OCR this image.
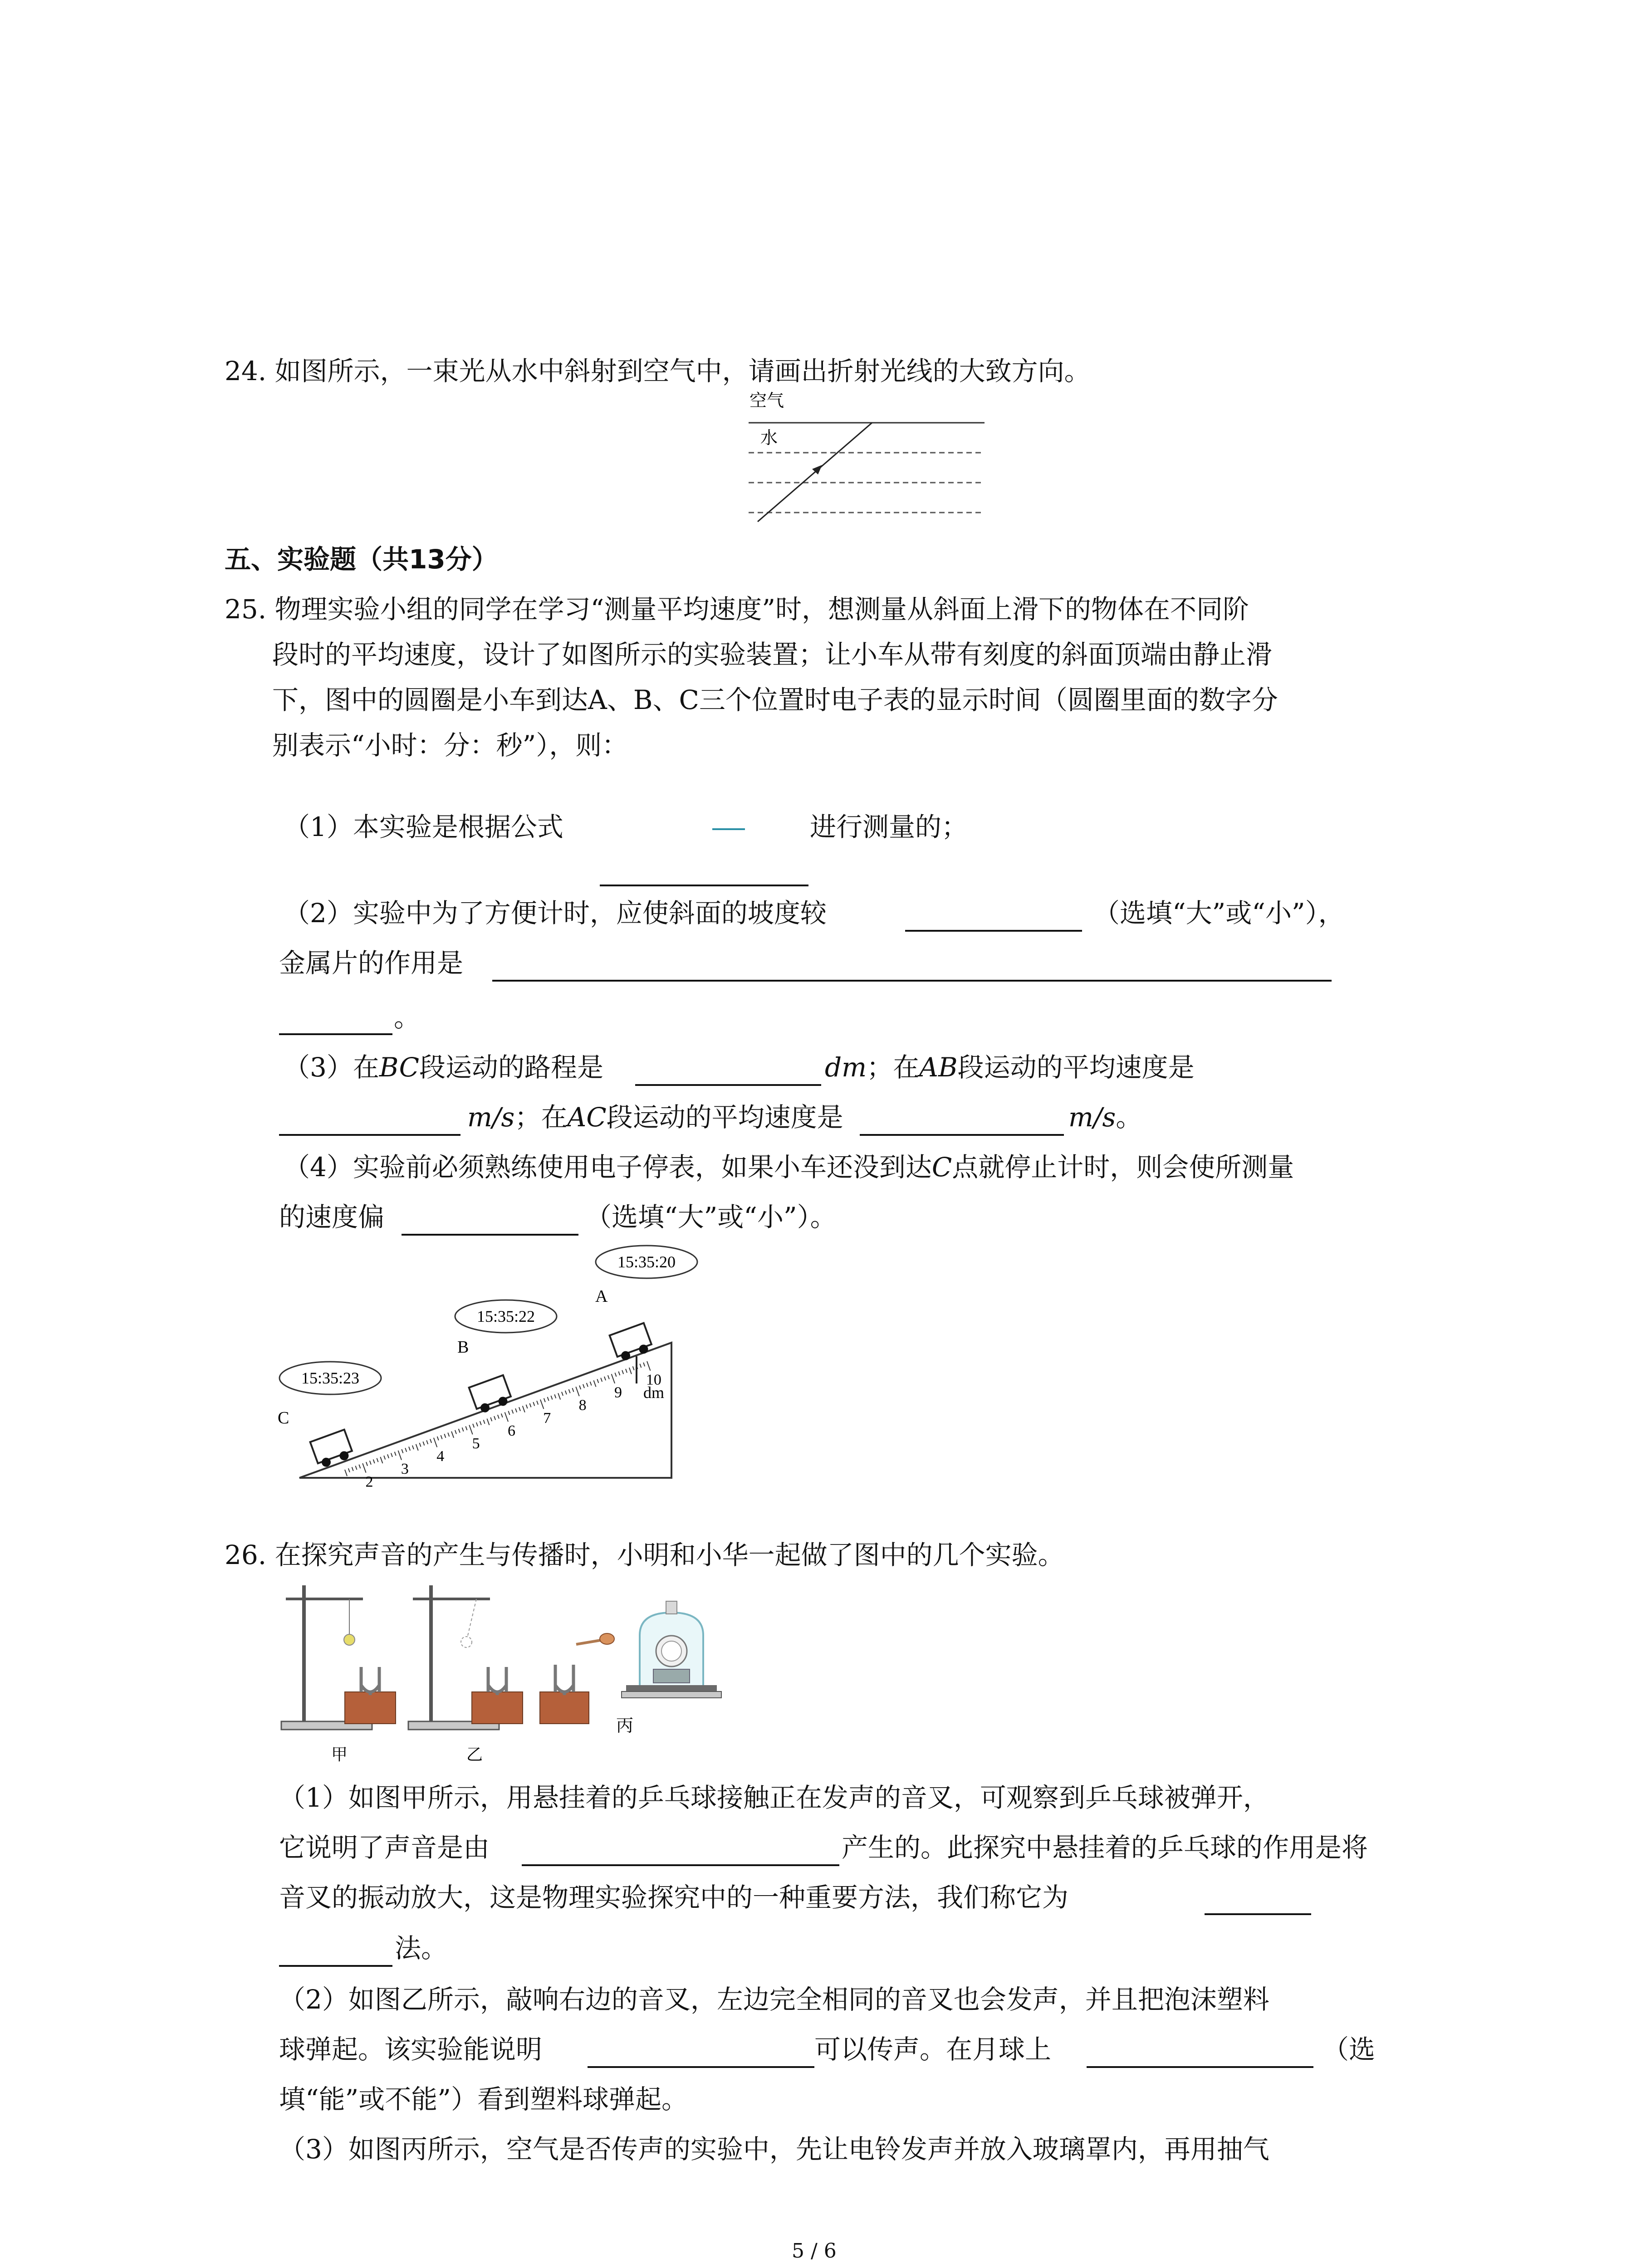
24. 如图所示，一束光从水中斜射到空气中，请画出折射光线的大致方向。
空气
水
五、实验题（共13分）
25. 物理实验小组的同学在学习“测量平均速度”时，想测量从斜面上滑下的物体在不同阶
段时的平均速度，设计了如图所示的实验装置；让小车从带有刻度的斜面顶端由静止滑
下，图中的圆圈是小车到达A、B、C三个位置时电子表的显示时间（圆圈里面的数字分
别表示“小时：分：秒”），则：
（1）本实验是根据公式	进行测量的；
（2）实验中为了方便计时，应使斜面的坡度较	（选填“大”或“小”），
金属片的作用是
。
（3）在BC段运动的路程是	dm；在AB段运动的平均速度是
m/s；在AC段运动的平均速度是	m/s。
（4）实验前必须熟练使用电子停表，如果小车还没到达C点就停止计时，则会使所测量
的速度偏	（选填“大”或“小”）。
15:35:20
15:35:22
15:35:23
A
B
C
2
3
4
5
6
7
8
9
10
dm
26. 在探究声音的产生与传播时，小明和小华一起做了图中的几个实验。
丙
甲	乙
（1）如图甲所示，用悬挂着的乒乓球接触正在发声的音叉，可观察到乒乓球被弹开，
它说明了声音是由	产生的。此探究中悬挂着的乒乓球的作用是将
音叉的振动放大，这是物理实验探究中的一种重要方法，我们称它为
法。
（2）如图乙所示，敲响右边的音叉，左边完全相同的音叉也会发声，并且把泡沫塑料
球弹起。该实验能说明	可以传声。在月球上	（选
填“能”或不能”）看到塑料球弹起。
（3）如图丙所示，空气是否传声的实验中，先让电铃发声并放入玻璃罩内，再用抽气
5 / 6
